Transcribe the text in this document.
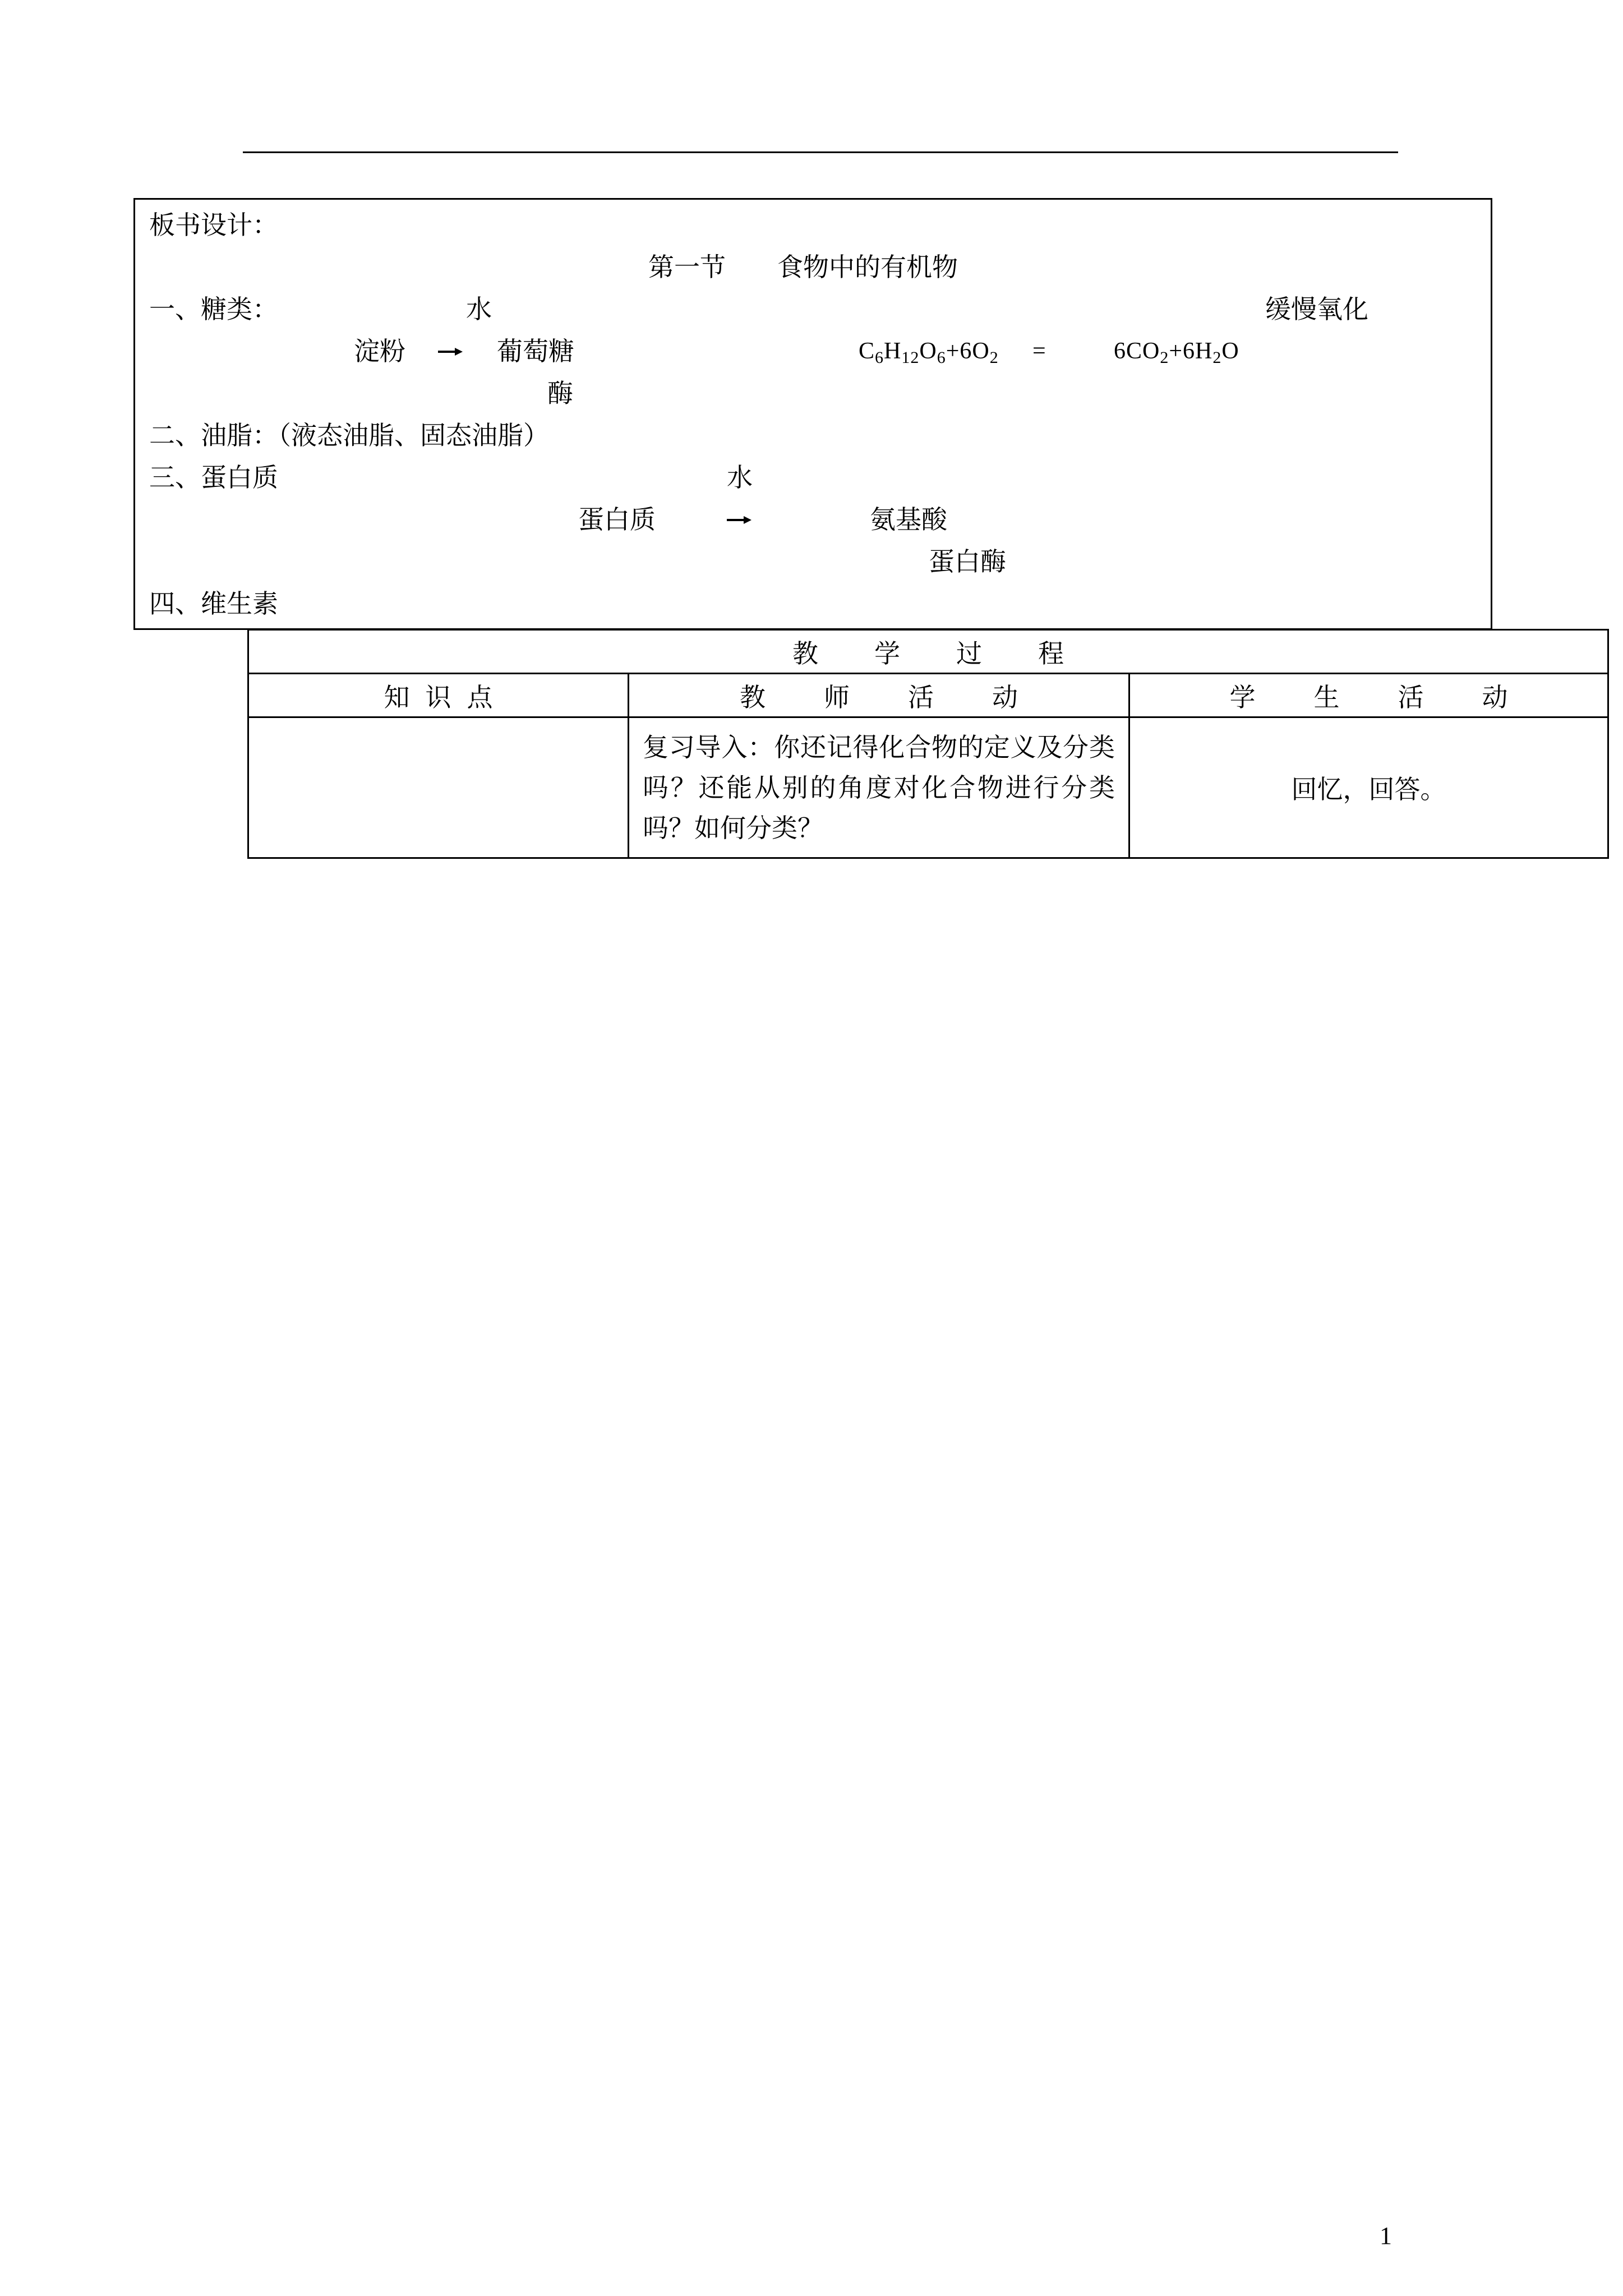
板书设计：
第一节　　食物中的有机物
一、糖类：	水	缓慢氧化
淀粉	葡萄糖	$C_6H_{12}O_6+6O_2$ =	$6CO_2+6H_2O$
酶
二、油脂：（液态油脂、固态油脂）
三、蛋白质	水
蛋白质	氨基酸
蛋白酶
四、维生素
教学过程		
知识点	教师活动	学生活动
	复习导入：你还记得化合物的定义及分类吗？还能从别的角度对化合物进行分类吗？如何分类？	回忆，回答。
1
